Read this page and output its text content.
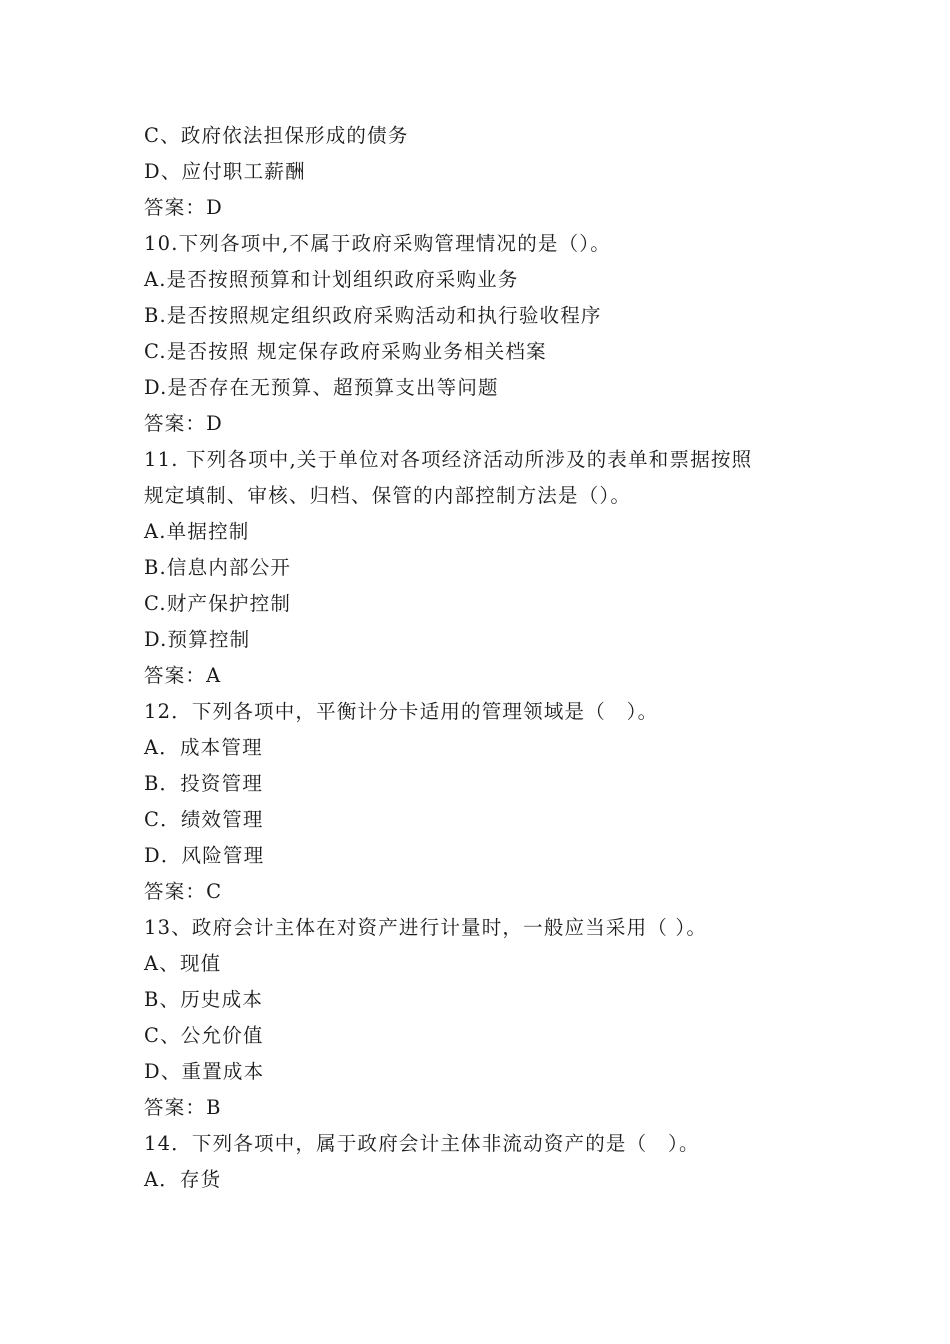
C、政府依法担保形成的债务
D、应付职工薪酬
答案：D
10.下列各项中,不属于政府采购管理情况的是（）。
A.是否按照预算和计划组织政府采购业务
B.是否按照规定组织政府采购活动和执行验收程序
C.是否按照 规定保存政府采购业务相关档案
D.是否存在无预算、超预算支出等问题
答案：D
11. 下列各项中,关于单位对各项经济活动所涉及的表单和票据按照
规定填制、审核、归档、保管的内部控制方法是（）。
A.单据控制
B.信息内部公开
C.财产保护控制
D.预算控制
答案：A
12．下列各项中，平衡计分卡适用的管理领域是（　）。
A．成本管理
B．投资管理
C．绩效管理
D．风险管理
答案：C
13、政府会计主体在对资产进行计量时，一般应当采用（ ）。
A、现值
B、历史成本
C、公允价值
D、重置成本
答案：B
14．下列各项中，属于政府会计主体非流动资产的是（　）。
A．存货
